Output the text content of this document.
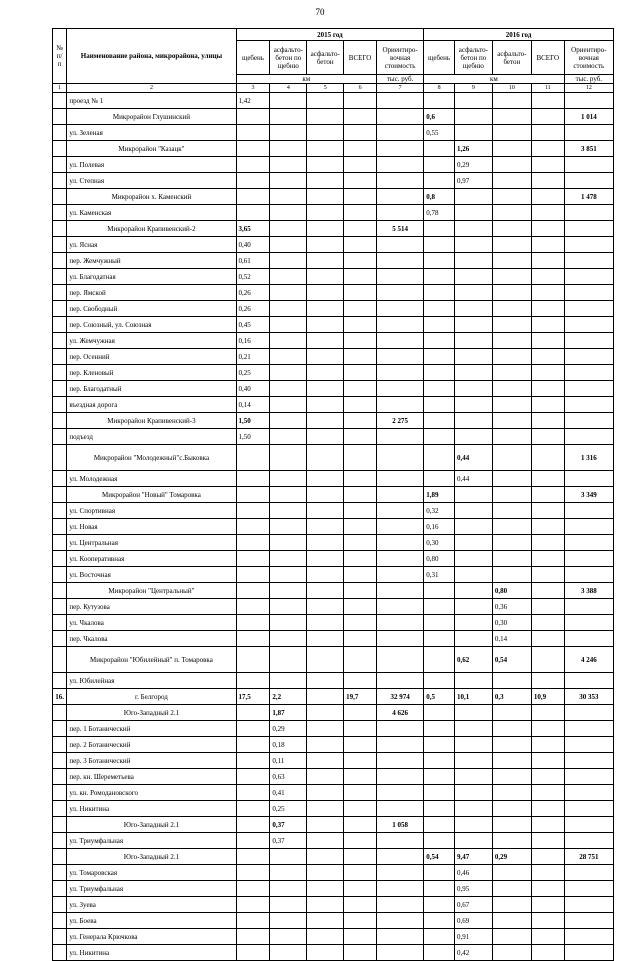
70
№ п/п	Наименование района, микрорайона, улицы	2015 год					2016 год				
		щебень	асфальто-бетон по щебню	асфальто-бетон	ВСЕГО	Ориентиро-вочная стоимость	щебень	асфальто-бетон по щебню	асфальто-бетон	ВСЕГО	Ориентиро-вочная стоимость
		км				тыс. руб.	км				тыс. руб.
1	2	3	4	5	6	7	8	9	10	11	12
	проезд № 1	1,42									
	Микрорайон Глушинский						0,6				1 014
	ул. Зеленая						0,55				
	Микрорайон "Казацк"							1,26			3 851
	ул. Полевая							0,29			
	ул. Степная							0,97			
	Микрорайон х. Каменский						0,8				1 478
	ул. Каменская						0,78				
	Микрорайон Крапивенский-2	3,65				5 514					
	ул. Ясная	0,40									
	пер. Жемчужный	0,61									
	ул. Благодатная	0,52									
	пер. Ямской	0,26									
	пер. Свободный	0,26									
	пер. Союзный, ул. Союзная	0,45									
	ул. Жемчужная	0,16									
	пер. Осенний	0,21									
	пер. Кленовый	0,25									
	пер. Благодатный	0,40									
	въездная дорога	0,14									
	Микрорайон Крапивенский-3	1,50				2 275					
	подъезд	1,50									
	Микрорайон "Молодежный"с.Быковка							0,44			1 316
	ул. Молодежная							0,44			
	Микрорайон "Новый" Томаровка						1,89				3 349
	ул. Спортивная						0,32				
	ул. Новая						0,16				
	ул. Центральная						0,30				
	ул. Кооперативная						0,80				
	ул. Восточная						0,31				
	Микрорайон "Центральный"								0,80		3 388
	пер. Кутузова								0,36		
	ул. Чкалова								0,30		
	пер. Чкалова								0,14		
	Микрорайон "Юбилейный" п. Томаровка							0,62	0,54		4 246
	ул. Юбилейная										
16.	г. Белгород	17,5	2,2		19,7	32 974	0,5	10,1	0,3	10,9	30 353
	Юго-Западный 2.1		1,87			4 626					
	пер. 1 Ботанический		0,29								
	пер. 2 Ботанический		0,18								
	пер. 3 Ботанический		0,11								
	пер. кн. Шереметьева		0,63								
	ул. кн. Ромодановского		0,41								
	ул. Никитина		0,25								
	Юго-Западный 2.1		0,37			1 058					
	ул. Триумфальная		0,37								
	Юго-Западный 2.1						0,54	9,47	0,29		28 751
	ул. Томаровская							0,46			
	ул. Триумфальная							0,95			
	ул. Зуева							0,67			
	ул. Боева							0,69			
	ул. Генерала Крючкова							0,91			
	ул. Никитина							0,42			
